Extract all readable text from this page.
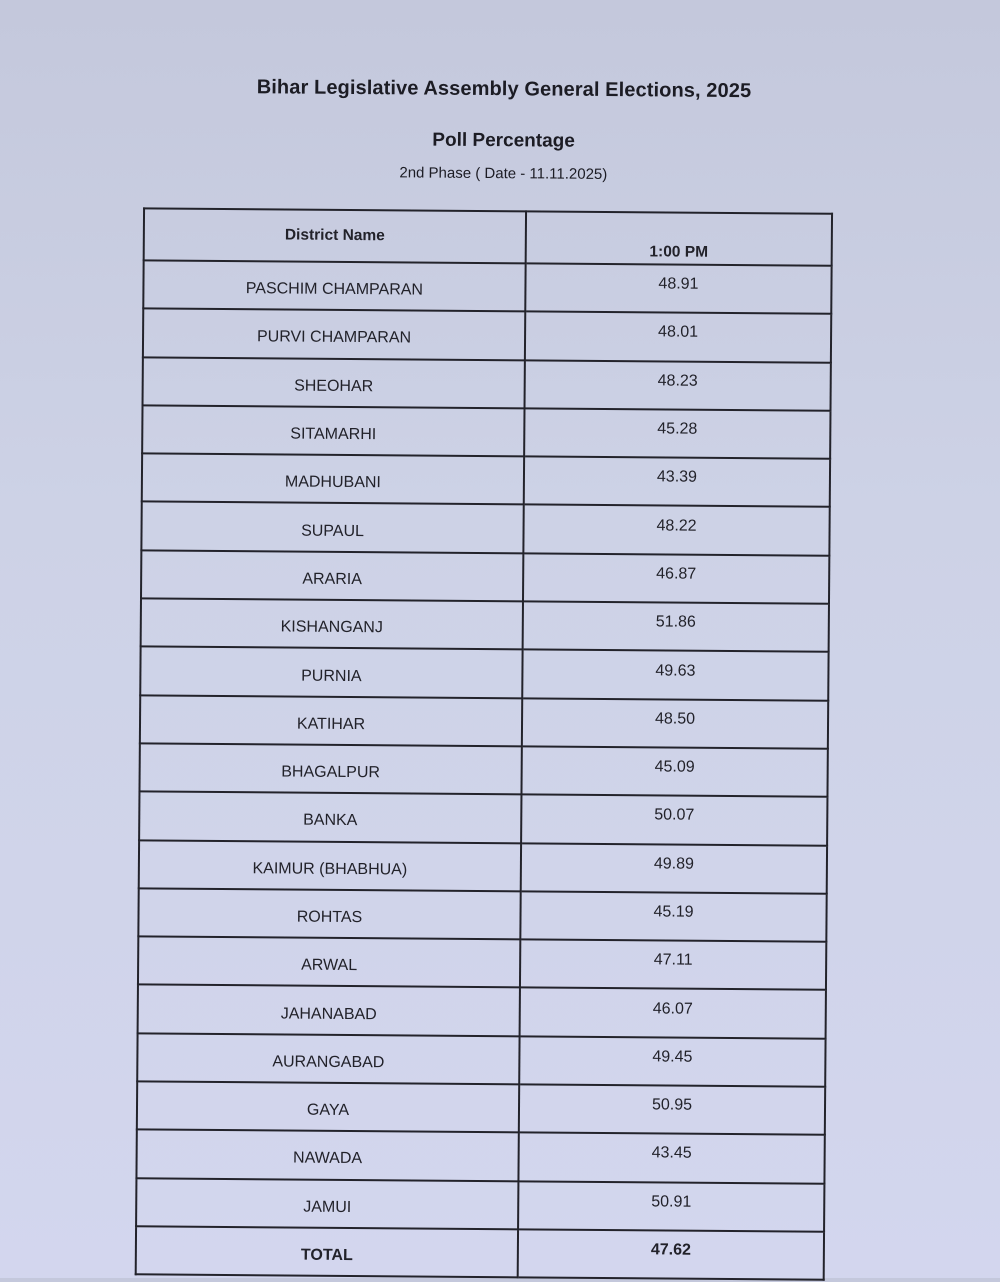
Bihar Legislative Assembly General Elections, 2025
Poll Percentage
2nd Phase ( Date - 11.11.2025)
District Name	1:00 PM
PASCHIM CHAMPARAN	48.91
PURVI CHAMPARAN	48.01
SHEOHAR	48.23
SITAMARHI	45.28
MADHUBANI	43.39
SUPAUL	48.22
ARARIA	46.87
KISHANGANJ	51.86
PURNIA	49.63
KATIHAR	48.50
BHAGALPUR	45.09
BANKA	50.07
KAIMUR (BHABHUA)	49.89
ROHTAS	45.19
ARWAL	47.11
JAHANABAD	46.07
AURANGABAD	49.45
GAYA	50.95
NAWADA	43.45
JAMUI	50.91
TOTAL	47.62
